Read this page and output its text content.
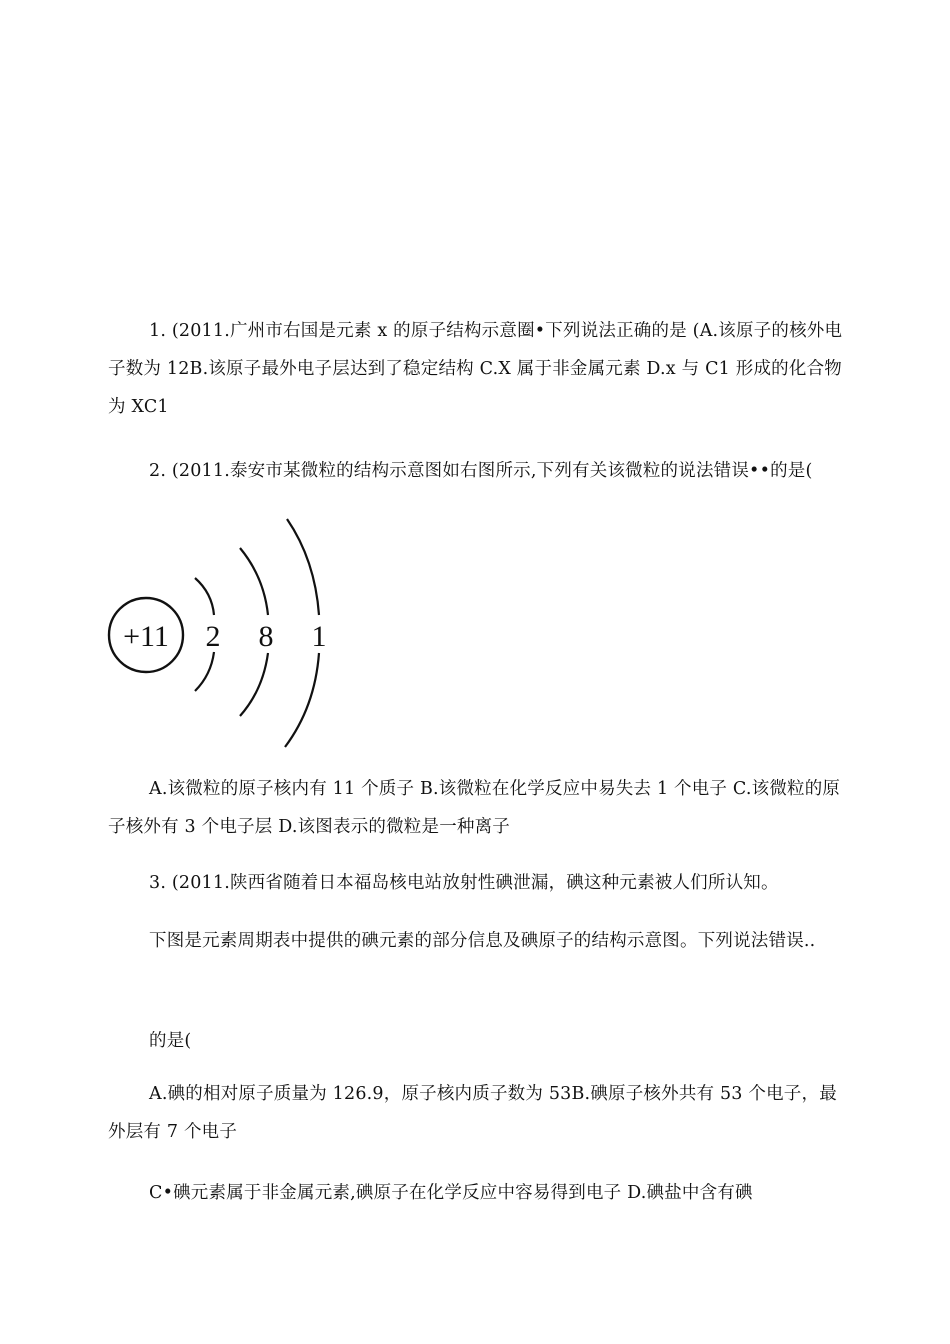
1. (2011.广州市右国是元素 x 的原子结构示意圈•下列说法正确的是 (A.该原子的核外电子数为 12B.该原子最外电子层达到了稳定结构 C.X 属于非金属元素 D.x 与 C1 形成的化合物为 XC1

2. (2011.泰安市某微粒的结构示意图如右图所示,下列有关该微粒的说法错误••的是(

+11 2 8 1

A.该微粒的原子核内有 11 个质子 B.该微粒在化学反应中易失去 1 个电子 C.该微粒的原子核外有 3 个电子层 D.该图表示的微粒是一种离子

3. (2011.陕西省随着日本福岛核电站放射性碘泄漏，碘这种元素被人们所认知。

下图是元素周期表中提供的碘元素的部分信息及碘原子的结构示意图。下列说法错误..

的是(

A.碘的相对原子质量为 126.9，原子核内质子数为 53B.碘原子核外共有 53 个电子，最外层有 7 个电子

C•碘元素属于非金属元素,碘原子在化学反应中容易得到电子 D.碘盐中含有碘
